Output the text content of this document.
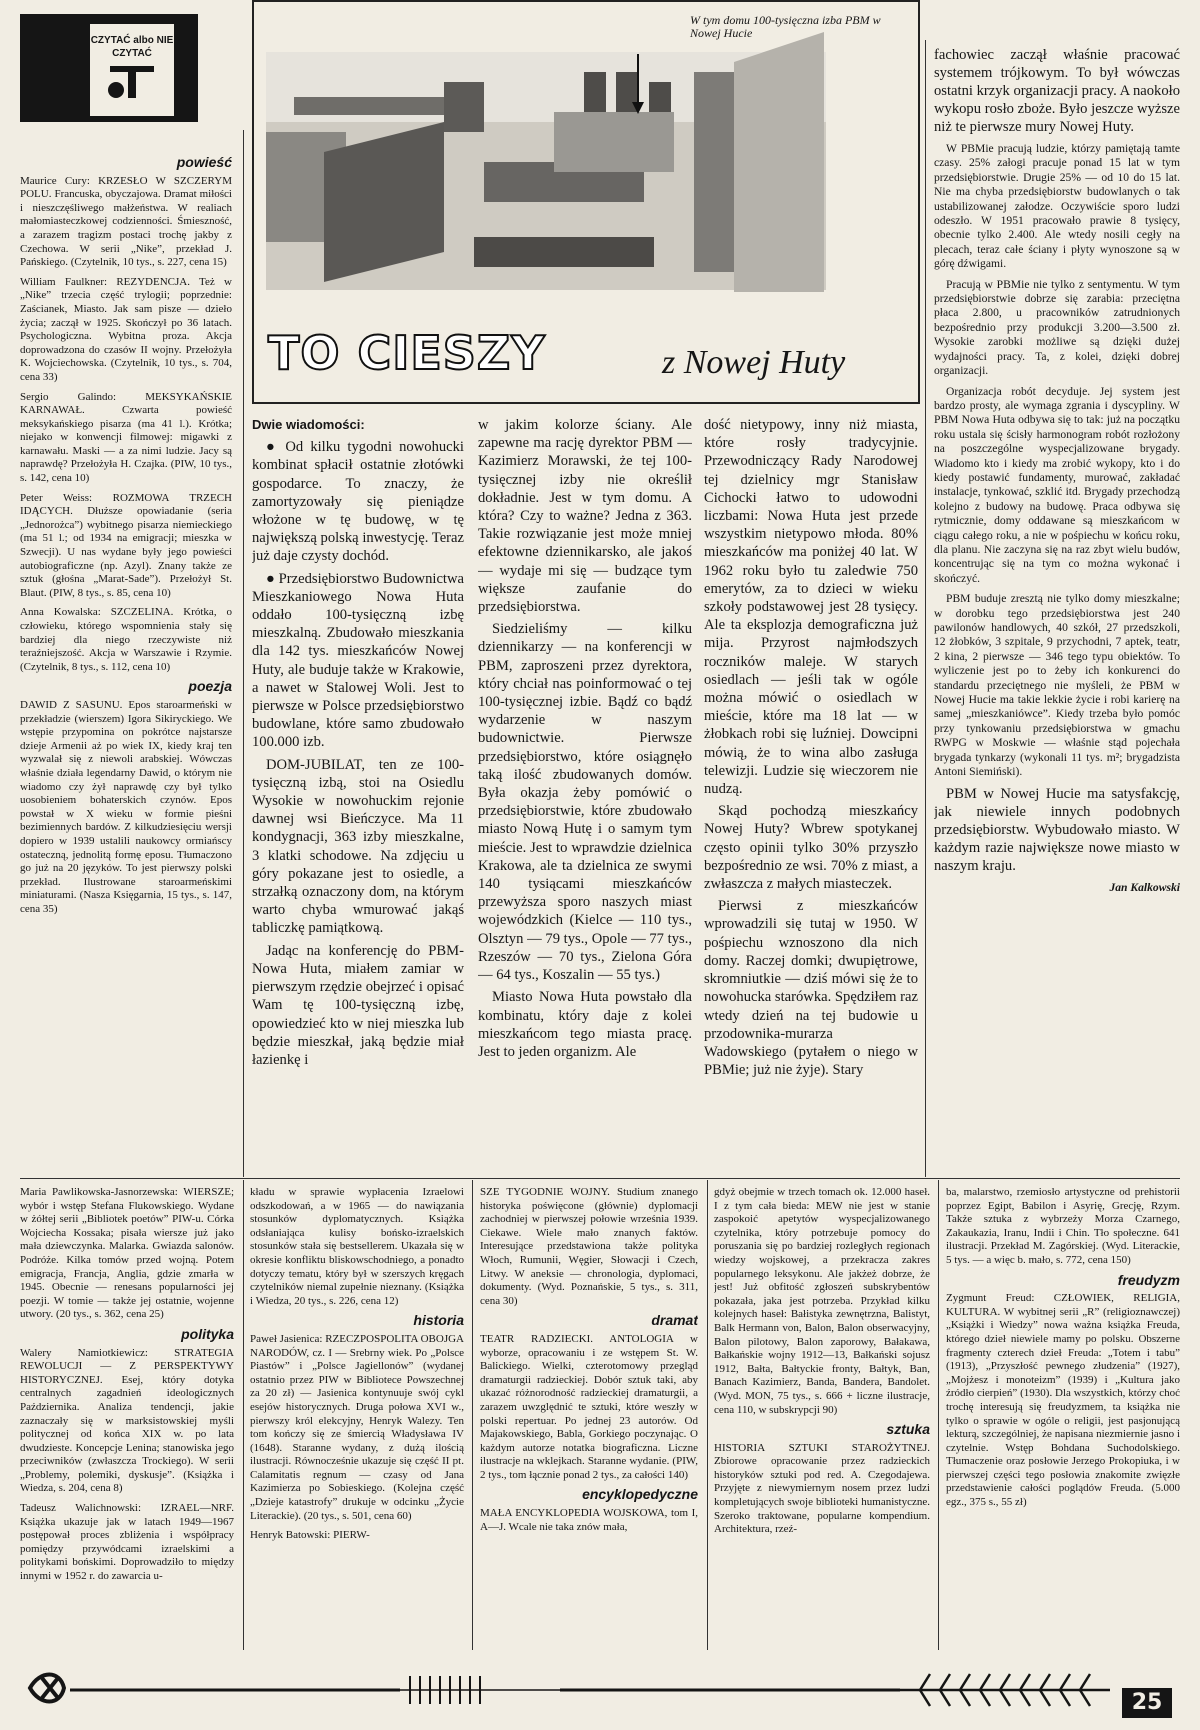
CZYTAĆ albo NIE CZYTAĆ
W tym domu 100-tysięczna izba PBM w Nowej Hucie
TO CIESZY	z Nowej Huty
powieść

Maurice Cury: KRZESŁO W SZCZERYM POLU. Francuska, obyczajowa. Dramat miłości i nieszczęśliwego małżeństwa. W realiach małomiasteczkowej codzienności. Śmieszność, a zarazem tragizm postaci trochę jakby z Czechowa. W serii „Nike”, przekład J. Pańskiego. (Czytelnik, 10 tys., s. 227, cena 15)

William Faulkner: REZYDENCJA. Też w „Nike” trzecia część trylogii; poprzednie: Zaścianek, Miasto. Jak sam pisze — dzieło życia; zaczął w 1925. Skończył po 36 latach. Psychologiczna. Wybitna proza. Akcja doprowadzona do czasów II wojny. Przełożyła K. Wojciechowska. (Czytelnik, 10 tys., s. 704, cena 33)

Sergio Galindo: MEKSYKAŃSKIE KARNAWAŁ. Czwarta powieść meksykańskiego pisarza (ma 41 l.). Krótka; niejako w konwencji filmowej: migawki z karnawału. Maski — a za nimi ludzie. Jacy są naprawdę? Przełożyła H. Czajka. (PIW, 10 tys., s. 142, cena 10)

Peter Weiss: ROZMOWA TRZECH IDĄCYCH. Dłuższe opowiadanie (seria „Jednorożca”) wybitnego pisarza niemieckiego (ma 51 l.; od 1934 na emigracji; mieszka w Szwecji). U nas wydane były jego powieści autobiograficzne (np. Azyl). Znany także ze sztuk (głośna „Marat-Sade”). Przełożył St. Blaut. (PIW, 8 tys., s. 85, cena 10)

Anna Kowalska: SZCZELINA. Krótka, o człowieku, którego wspomnienia stały się bardziej dla niego rzeczywiste niż teraźniejszość. Akcja w Warszawie i Rzymie. (Czytelnik, 8 tys., s. 112, cena 10)

poezja

DAWID Z SASUNU. Epos staroarmeński w przekładzie (wierszem) Igora Sikiryckiego. We wstępie przypomina on pokrótce najstarsze dzieje Armenii aż po wiek IX, kiedy kraj ten wyzwalał się z niewoli arabskiej. Wówczas właśnie działa legendarny Dawid, o którym nie wiadomo czy żył naprawdę czy był tylko uosobieniem bohaterskich czynów. Epos powstał w X wieku w formie pieśni bezimiennych bardów. Z kilkudziesięciu wersji dopiero w 1939 ustalili naukowcy ormiańscy ostateczną, jednolitą formę eposu. Tłumaczono go już na 20 języków. To jest pierwszy polski przekład. Ilustrowane staroarmeńskimi miniaturami. (Nasza Księgarnia, 15 tys., s. 147, cena 35)

Dwie wiadomości:

● Od kilku tygodni nowohucki kombinat spłacił ostatnie złotówki gospodarce. To znaczy, że zamortyzowały się pieniądze włożone w tę budowę, w tę największą polską inwestycję. Teraz już daje czysty dochód.

● Przedsiębiorstwo Budownictwa Mieszkaniowego Nowa Huta oddało 100-tysięczną izbę mieszkalną. Zbudowało mieszkania dla 142 tys. mieszkańców Nowej Huty, ale buduje także w Krakowie, a nawet w Stalowej Woli. Jest to pierwsze w Polsce przedsiębiorstwo budowlane, które samo zbudowało 100.000 izb.

DOM-JUBILAT, ten ze 100-tysięczną izbą, stoi na Osiedlu Wysokie w nowohuckim rejonie dawnej wsi Bieńczyce. Ma 11 kondygnacji, 363 izby mieszkalne, 3 klatki schodowe. Na zdjęciu u góry pokazane jest to osiedle, a strzałką oznaczony dom, na którym warto chyba wmurować jakąś tabliczkę pamiątkową.

Jadąc na konferencję do PBM-Nowa Huta, miałem zamiar w pierwszym rzędzie obejrzeć i opisać Wam tę 100-tysięczną izbę, opowiedzieć kto w niej mieszka lub będzie mieszkał, jaką będzie miał łazienkę i

w jakim kolorze ściany. Ale zapewne ma rację dyrektor PBM — Kazimierz Morawski, że tej 100-tysięcznej izby nie określił dokładnie. Jest w tym domu. A która? Czy to ważne? Jedna z 363. Takie rozwiązanie jest może mniej efektowne dziennikarsko, ale jakoś — wydaje mi się — budzące tym większe zaufanie do przedsiębiorstwa.

Siedzieliśmy — kilku dziennikarzy — na konferencji w PBM, zaproszeni przez dyrektora, który chciał nas poinformować o tej 100-tysięcznej izbie. Bądź co bądź wydarzenie w naszym budownictwie. Pierwsze przedsiębiorstwo, które osiągnęło taką ilość zbudowanych domów. Była okazja żeby pomówić o przedsiębiorstwie, które zbudowało miasto Nową Hutę i o samym tym mieście. Jest to wprawdzie dzielnica Krakowa, ale ta dzielnica ze swymi 140 tysiącami mieszkańców przewyższa sporo naszych miast wojewódzkich (Kielce — 110 tys., Olsztyn — 79 tys., Opole — 77 tys., Rzeszów — 70 tys., Zielona Góra — 64 tys., Koszalin — 55 tys.)

Miasto Nowa Huta powstało dla kombinatu, który daje z kolei mieszkańcom tego miasta pracę. Jest to jeden organizm. Ale

dość nietypowy, inny niż miasta, które rosły tradycyjnie. Przewodniczący Rady Narodowej tej dzielnicy mgr Stanisław Cichocki łatwo to udowodni liczbami: Nowa Huta jest przede wszystkim nietypowo młoda. 80% mieszkańców ma poniżej 40 lat. W 1962 roku było tu zaledwie 750 emerytów, za to dzieci w wieku szkoły podstawowej jest 28 tysięcy. Ale ta eksplozja demograficzna już mija. Przyrost najmłodszych roczników maleje. W starych osiedlach — jeśli tak w ogóle można mówić o osiedlach w mieście, które ma 18 lat — w żłobkach robi się luźniej. Dowcipni mówią, że to wina albo zasługa telewizji. Ludzie się wieczorem nie nudzą.

Skąd pochodzą mieszkańcy Nowej Huty? Wbrew spotykanej często opinii tylko 30% przyszło bezpośrednio ze wsi. 70% z miast, a zwłaszcza z małych miasteczek.

Pierwsi z mieszkańców wprowadzili się tutaj w 1950. W pośpiechu wznoszono dla nich domy. Raczej domki; dwupiętrowe, skromniutkie — dziś mówi się że to nowohucka starówka. Spędziłem raz wtedy dzień na tej budowie u przodownika-murarza Wadowskiego (pytałem o niego w PBMie; już nie żyje). Stary

fachowiec zaczął właśnie pracować systemem trójkowym. To był wówczas ostatni krzyk organizacji pracy. A naokoło wykopu rosło zboże. Było jeszcze wyższe niż te pierwsze mury Nowej Huty.

W PBMie pracują ludzie, którzy pamiętają tamte czasy. 25% załogi pracuje ponad 15 lat w tym przedsiębiorstwie. Drugie 25% — od 10 do 15 lat. Nie ma chyba przedsiębiorstw budowlanych o tak ustabilizowanej załodze. Oczywiście sporo ludzi odeszło. W 1951 pracowało prawie 8 tysięcy, obecnie tylko 2.400. Ale wtedy nosili cegły na plecach, teraz całe ściany i płyty wynoszone są w górę dźwigami.

Pracują w PBMie nie tylko z sentymentu. W tym przedsiębiorstwie dobrze się zarabia: przeciętna płaca 2.800, u pracowników zatrudnionych bezpośrednio przy produkcji 3.200—3.500 zł. Wysokie zarobki możliwe są dzięki dużej wydajności pracy. Ta, z kolei, dzięki dobrej organizacji.

Organizacja robót decyduje. Jej system jest bardzo prosty, ale wymaga zgrania i dyscypliny. W PBM Nowa Huta odbywa się to tak: już na początku roku ustala się ścisły harmonogram robót rozłożony na poszczególne wyspecjalizowane brygady. Wiadomo kto i kiedy ma zrobić wykopy, kto i do kiedy postawić fundamenty, murować, zakładać instalacje, tynkować, szklić itd. Brygady przechodzą kolejno z budowy na budowę. Praca odbywa się rytmicznie, domy oddawane są mieszkańcom w ciągu całego roku, a nie w pośpiechu w końcu roku, dla planu. Nie zaczyna się na raz zbyt wielu budów, koncentrując się na tym co można wykonać i skończyć.

PBM buduje zresztą nie tylko domy mieszkalne; w dorobku tego przedsiębiorstwa jest 240 pawilonów handlowych, 40 szkół, 27 przedszkoli, 12 żłobków, 3 szpitale, 9 przychodni, 7 aptek, teatr, 2 kina, 2 pierwsze — 346 tego typu obiektów. To wyliczenie jest po to żeby ich konkurenci do standardu przeciętnego nie myśleli, że PBM w Nowej Hucie ma takie lekkie życie i robi karierę na samej „mieszkaniówce”. Kiedy trzeba było pomóc przy tynkowaniu przedsiębiorstwa w gmachu RWPG w Moskwie — właśnie stąd pojechała brygada tynkarzy (wykonali 11 tys. m²; brygadzista Antoni Siemiński).

PBM w Nowej Hucie ma satysfakcję, jak niewiele innych podobnych przedsiębiorstw. Wybudowało miasto. W każdym razie największe nowe miasto w naszym kraju.

Jan Kalkowski

Maria Pawlikowska-Jasnorzewska: WIERSZE; wybór i wstęp Stefana Flukowskiego. Wydane w żółtej serii „Bibliotek poetów” PIW-u. Córka Wojciecha Kossaka; pisała wiersze już jako mała dziewczynka. Malarka. Gwiazda salonów. Podróże. Kilka tomów przed wojną. Potem emigracja, Francja, Anglia, gdzie zmarła w 1945. Obecnie — renesans popularności jej poezji. W tomie — także jej ostatnie, wojenne utwory. (20 tys., s. 362, cena 25)

polityka

Walery Namiotkiewicz: STRATEGIA REWOLUCJI — Z PERSPEKTYWY HISTORYCZNEJ. Esej, który dotyka centralnych zagadnień ideologicznych Października. Analiza tendencji, jakie zaznaczały się w marksistowskiej myśli politycznej od końca XIX w. po lata dwudzieste. Koncepcje Lenina; stanowiska jego przeciwników (zwłaszcza Trockiego). W serii „Problemy, polemiki, dyskusje”. (Książka i Wiedza, s. 204, cena 8)

Tadeusz Walichnowski: IZRAEL—NRF. Książka ukazuje jak w latach 1949—1967 postępował proces zbliżenia i współpracy pomiędzy przywódcami izraelskimi a politykami bońskimi. Doprowadziło to między innymi w 1952 r. do zawarcia u-

kładu w sprawie wypłacenia Izraelowi odszkodowań, a w 1965 — do nawiązania stosunków dyplomatycznych. Książka odsłaniająca kulisy bońsko-izraelskich stosunków stała się bestsellerem. Ukazała się w okresie konfliktu bliskowschodniego, a ponadto dotyczy tematu, który był w szerszych kręgach czytelników niemal zupełnie nieznany. (Książka i Wiedza, 20 tys., s. 226, cena 12)

historia

Paweł Jasienica: RZECZPOSPOLITA OBOJGA NARODÓW, cz. I — Srebrny wiek. Po „Polsce Piastów” i „Polsce Jagiellonów” (wydanej ostatnio przez PIW w Bibliotece Powszechnej za 20 zł) — Jasienica kontynuuje swój cykl esejów historycznych. Druga połowa XVI w., pierwszy król elekcyjny, Henryk Walezy. Ten tom kończy się ze śmiercią Władysława IV (1648). Staranne wydany, z dużą ilością ilustracji. Równocześnie ukazuje się część II pt. Calamitatis regnum — czasy od Jana Kazimierza po Sobieskiego. (Kolejna część „Dzieje katastrofy” drukuje w odcinku „Życie Literackie). (20 tys., s. 501, cena 60)

Henryk Batowski: PIERW-

SZE TYGODNIE WOJNY. Studium znanego historyka poświęcone (głównie) dyplomacji zachodniej w pierwszej połowie września 1939. Ciekawe. Wiele mało znanych faktów. Interesujące przedstawiona także polityka Włoch, Rumunii, Węgier, Słowacji i Czech, Litwy. W aneksie — chronologia, dyplomaci, dokumenty. (Wyd. Poznańskie, 5 tys., s. 311, cena 30)

dramat

TEATR RADZIECKI. ANTOLOGIA w wyborze, opracowaniu i ze wstępem St. W. Balickiego. Wielki, czterotomowy przegląd dramaturgii radzieckiej. Dobór sztuk taki, aby ukazać różnorodność radzieckiej dramaturgii, a zarazem uwzględnić te sztuki, które weszły w polski repertuar. Po jednej 23 autorów. Od Majakowskiego, Babla, Gorkiego poczynając. O każdym autorze notatka biograficzna. Liczne ilustracje na wklejkach. Staranne wydanie. (PIW, 2 tys., tom łącznie ponad 2 tys., za całości 140)

encyklopedyczne

MAŁA ENCYKLOPEDIA WOJSKOWA, tom I, A—J. Wcale nie taka znów mała,

gdyż obejmie w trzech tomach ok. 12.000 haseł. I z tym cała bieda: MEW nie jest w stanie zaspokoić apetytów wyspecjalizowanego czytelnika, który potrzebuje pomocy do poruszania się po bardziej rozległych regionach wiedzy wojskowej, a przekracza zakres popularnego leksykonu. Ale jakżeż dobrze, że jest! Już obfitość zgłoszeń subskrybentów pokazała, jaka jest potrzeba. Przykład kilku kolejnych haseł: Bałistyka zewnętrzna, Balistyt, Balk Hermann von, Balon, Balon obserwacyjny, Balon pilotowy, Balon zaporowy, Bałakawa, Bałkańskie wojny 1912—13, Bałkański sojusz 1912, Bałta, Bałtyckie fronty, Bałtyk, Ban, Banach Kazimierz, Banda, Bandera, Bandolet. (Wyd. MON, 75 tys., s. 666 + liczne ilustracje, cena 110, w subskrypcji 90)

sztuka

HISTORIA SZTUKI STAROŻYTNEJ. Zbiorowe opracowanie przez radzieckich historyków sztuki pod red. A. Czegodajewa. Przyjęte z niewymiernym nosem przez ludzi kompletujących swoje biblioteki humanistyczne. Szeroko traktowane, popularne kompendium. Architektura, rzeź-

ba, malarstwo, rzemiosło artystyczne od prehistorii poprzez Egipt, Babilon i Asyrię, Grecję, Rzym. Także sztuka z wybrzeży Morza Czarnego, Zakaukazia, Iranu, Indii i Chin. Tło społeczne. 641 ilustracji. Przekład M. Zagórskiej. (Wyd. Literackie, 5 tys. — a więc b. mało, s. 772, cena 150)

freudyzm

Zygmunt Freud: CZŁOWIEK, RELIGIA, KULTURA. W wybitnej serii „R” (religioznawczej) „Książki i Wiedzy” nowa ważna książka Freuda, którego dzieł niewiele mamy po polsku. Obszerne fragmenty czterech dzieł Freuda: „Totem i tabu” (1913), „Przyszłość pewnego złudzenia” (1927), „Mojżesz i monoteizm” (1939) i „Kultura jako źródło cierpień” (1930). Dla wszystkich, którzy choć trochę interesują się freudyzmem, ta książka nie tylko o sprawie w ogóle o religii, jest pasjonującą lekturą, szczególniej, że napisana niezmiernie jasno i czytelnie. Wstęp Bohdana Suchodolskiego. Tłumaczenie oraz posłowie Jerzego Prokopiuka, i w pierwszej części tego posłowia znakomite zwięzłe przedstawienie całości poglądów Freuda. (5.000 egz., 375 s., 55 zł)

25
